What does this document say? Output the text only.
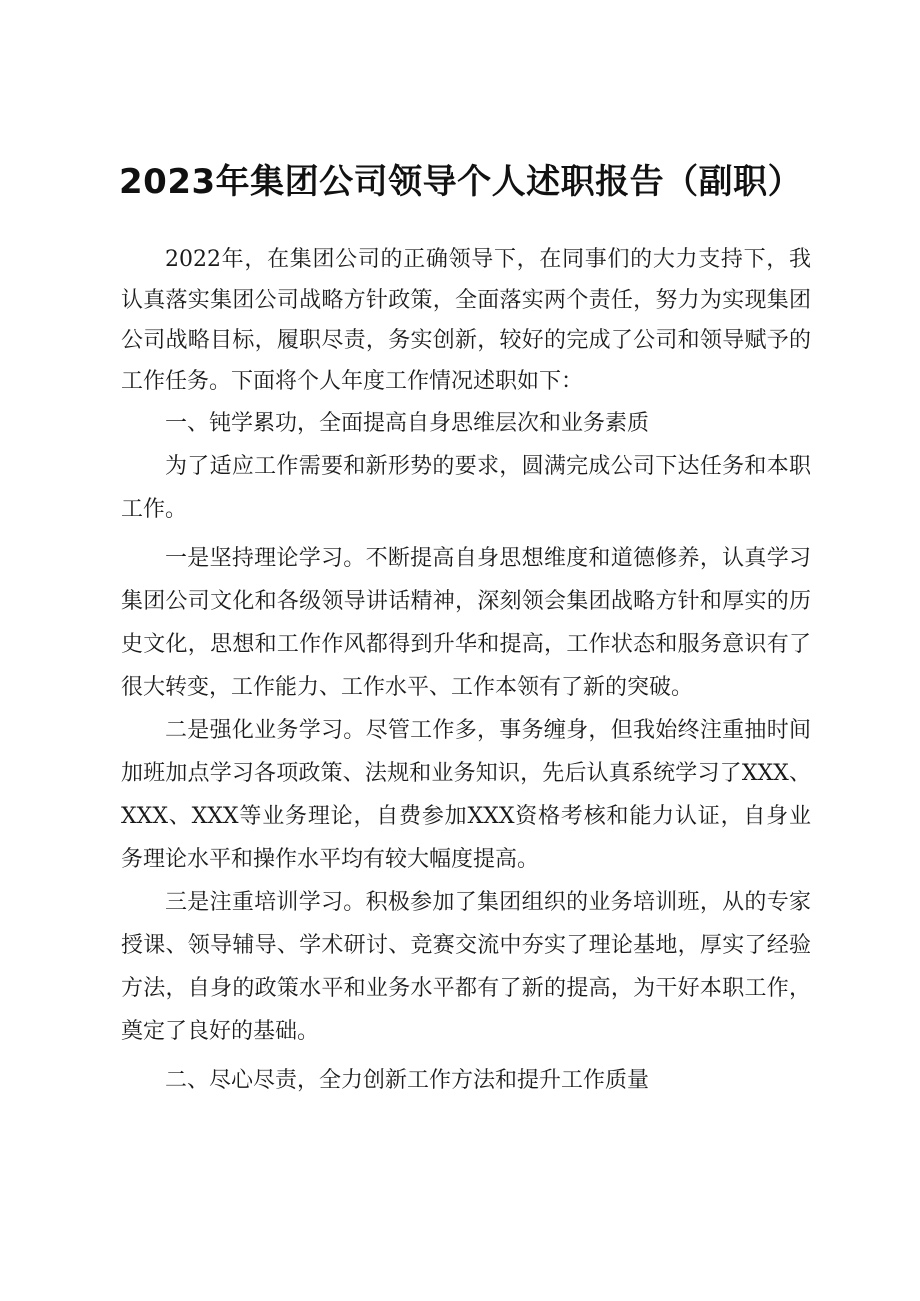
2023年集团公司领导个人述职报告（副职）

2022年，在集团公司的正确领导下，在同事们的大力支持下，我认真落实集团公司战略方针政策，全面落实两个责任，努力为实现集团公司战略目标，履职尽责，务实创新，较好的完成了公司和领导赋予的工作任务。下面将个人年度工作情况述职如下：

一、钝学累功，全面提高自身思维层次和业务素质

为了适应工作需要和新形势的要求，圆满完成公司下达任务和本职工作。

一是坚持理论学习。不断提高自身思想维度和道德修养，认真学习集团公司文化和各级领导讲话精神，深刻领会集团战略方针和厚实的历史文化，思想和工作作风都得到升华和提高，工作状态和服务意识有了很大转变，工作能力、工作水平、工作本领有了新的突破。

二是强化业务学习。尽管工作多，事务缠身，但我始终注重抽时间加班加点学习各项政策、法规和业务知识，先后认真系统学习了XXX、XXX、XXX等业务理论，自费参加XXX资格考核和能力认证，自身业务理论水平和操作水平均有较大幅度提高。

三是注重培训学习。积极参加了集团组织的业务培训班，从的专家授课、领导辅导、学术研讨、竞赛交流中夯实了理论基地，厚实了经验方法，自身的政策水平和业务水平都有了新的提高，为干好本职工作，奠定了良好的基础。

二、尽心尽责，全力创新工作方法和提升工作质量
